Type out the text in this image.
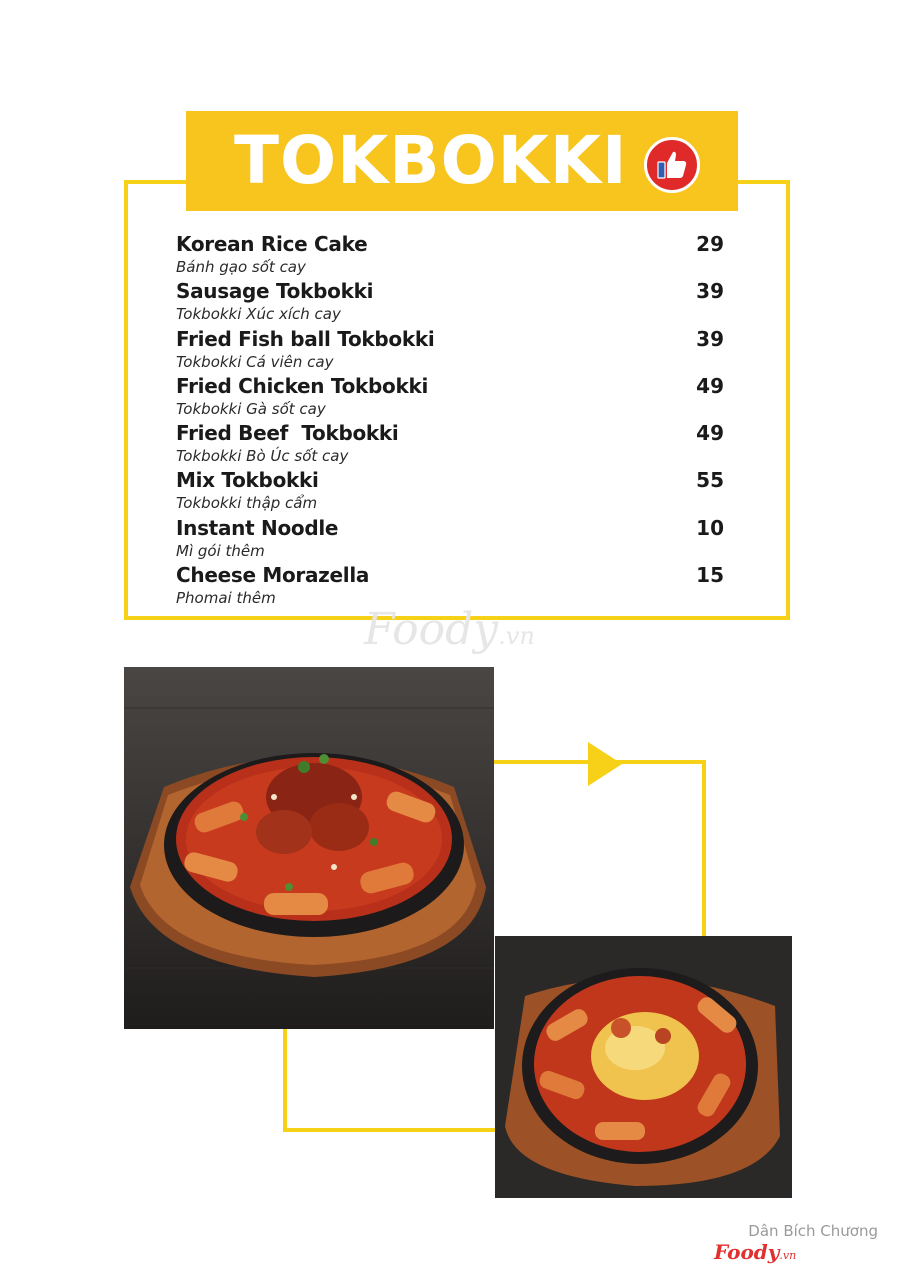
TOKBOKKI
Korean Rice Cake
Bánh gạo sốt cay
29
Sausage Tokbokki
Tokbokki Xúc xích cay
39
Fried Fish ball Tokbokki
Tokbokki Cá viên cay
39
Fried Chicken Tokbokki
Tokbokki Gà sốt cay
49
Fried Beef  Tokbokki
Tokbokki Bò Úc sốt cay
49
Mix Tokbokki
Tokbokki thập cẩm
55
Instant Noodle
Mì gói thêm
10
Cheese Morazella
Phomai thêm
15
Foody.vn
Dân Bích Chương
Foody.vn
